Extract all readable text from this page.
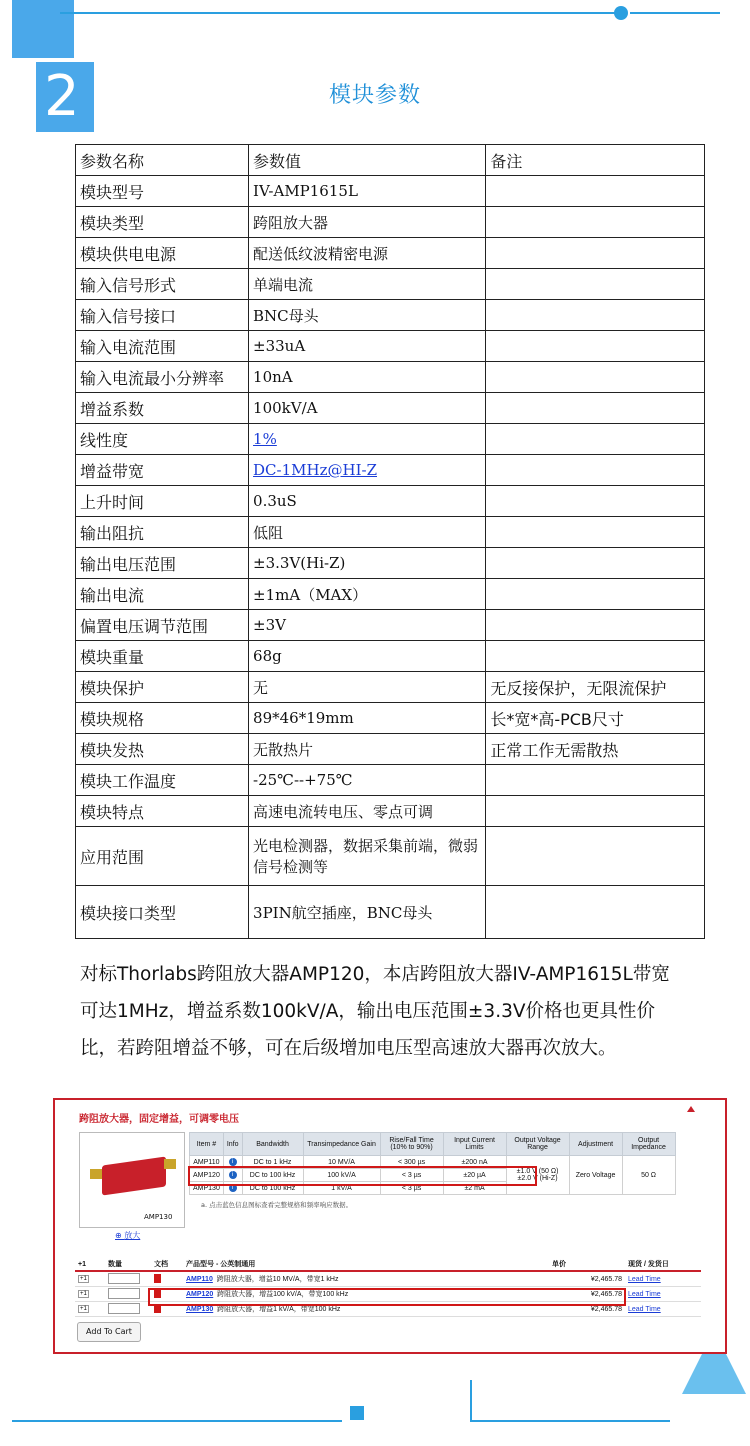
2	模块参数
参数名称	参数值	备注
模块型号	IV-AMP1615L	
模块类型	跨阻放大器	
模块供电电源	配送低纹波精密电源	
输入信号形式	单端电流	
输入信号接口	BNC母头	
输入电流范围	±33uA	
输入电流最小分辨率	10nA	
增益系数	100kV/A	
线性度	1%	
增益带宽	DC-1MHz@HI-Z	
上升时间	0.3uS	
输出阻抗	低阻	
输出电压范围	±3.3V(Hi-Z)	
输出电流	±1mA（MAX）	
偏置电压调节范围	±3V	
模块重量	68g	
模块保护	无	无反接保护，无限流保护
模块规格	89*46*19mm	长*宽*高-PCB尺寸
模块发热	无散热片	正常工作无需散热
模块工作温度	-25℃--+75℃	
模块特点	高速电流转电压、零点可调	
应用范围	光电检测器，数据采集前端，微弱信号检测等	
模块接口类型	3PIN航空插座，BNC母头	
对标Thorlabs跨阻放大器AMP120，本店跨阻放大器IV-AMP1615L带宽可达1MHz，增益系数100kV/A，输出电压范围±3.3V价格也更具性价比，若跨阻增益不够，可在后级增加电压型高速放大器再次放大。
跨阻放大器，固定增益，可调零电压
AMP130
⊕ 放大
Item #	Info	Bandwidth	Transimpedance Gain	Rise/Fall Time (10% to 90%)	Input Current Limits	Output Voltage Range	Adjustment	Output Impedance
AMP110	i	DC to 1 kHz	10 MV/A	< 300 µs	±200 nA	±1.0 V (50 Ω) ±2.0 V (Hi-Z)	Zero Voltage	50 Ω
AMP120	i	DC to 100 kHz	100 kV/A	< 3 µs	±20 µA			
AMP130	i	DC to 100 kHz	1 kV/A	< 3 µs	±2 mA			
a. 点击蓝色信息图标查看完整规格和频率响应数据。
+1	数量	文档	产品型号 - 公英制通用	单价	现货 / 发货日
+1			AMP110 跨阻放大器，增益10 MV/A，带宽1 kHz	¥2,465.78	Lead Time
+1			AMP120 跨阻放大器，增益100 kV/A，带宽100 kHz	¥2,465.78	Lead Time
+1			AMP130 跨阻放大器，增益1 kV/A，带宽100 kHz	¥2,465.78	Lead Time
Add To Cart
